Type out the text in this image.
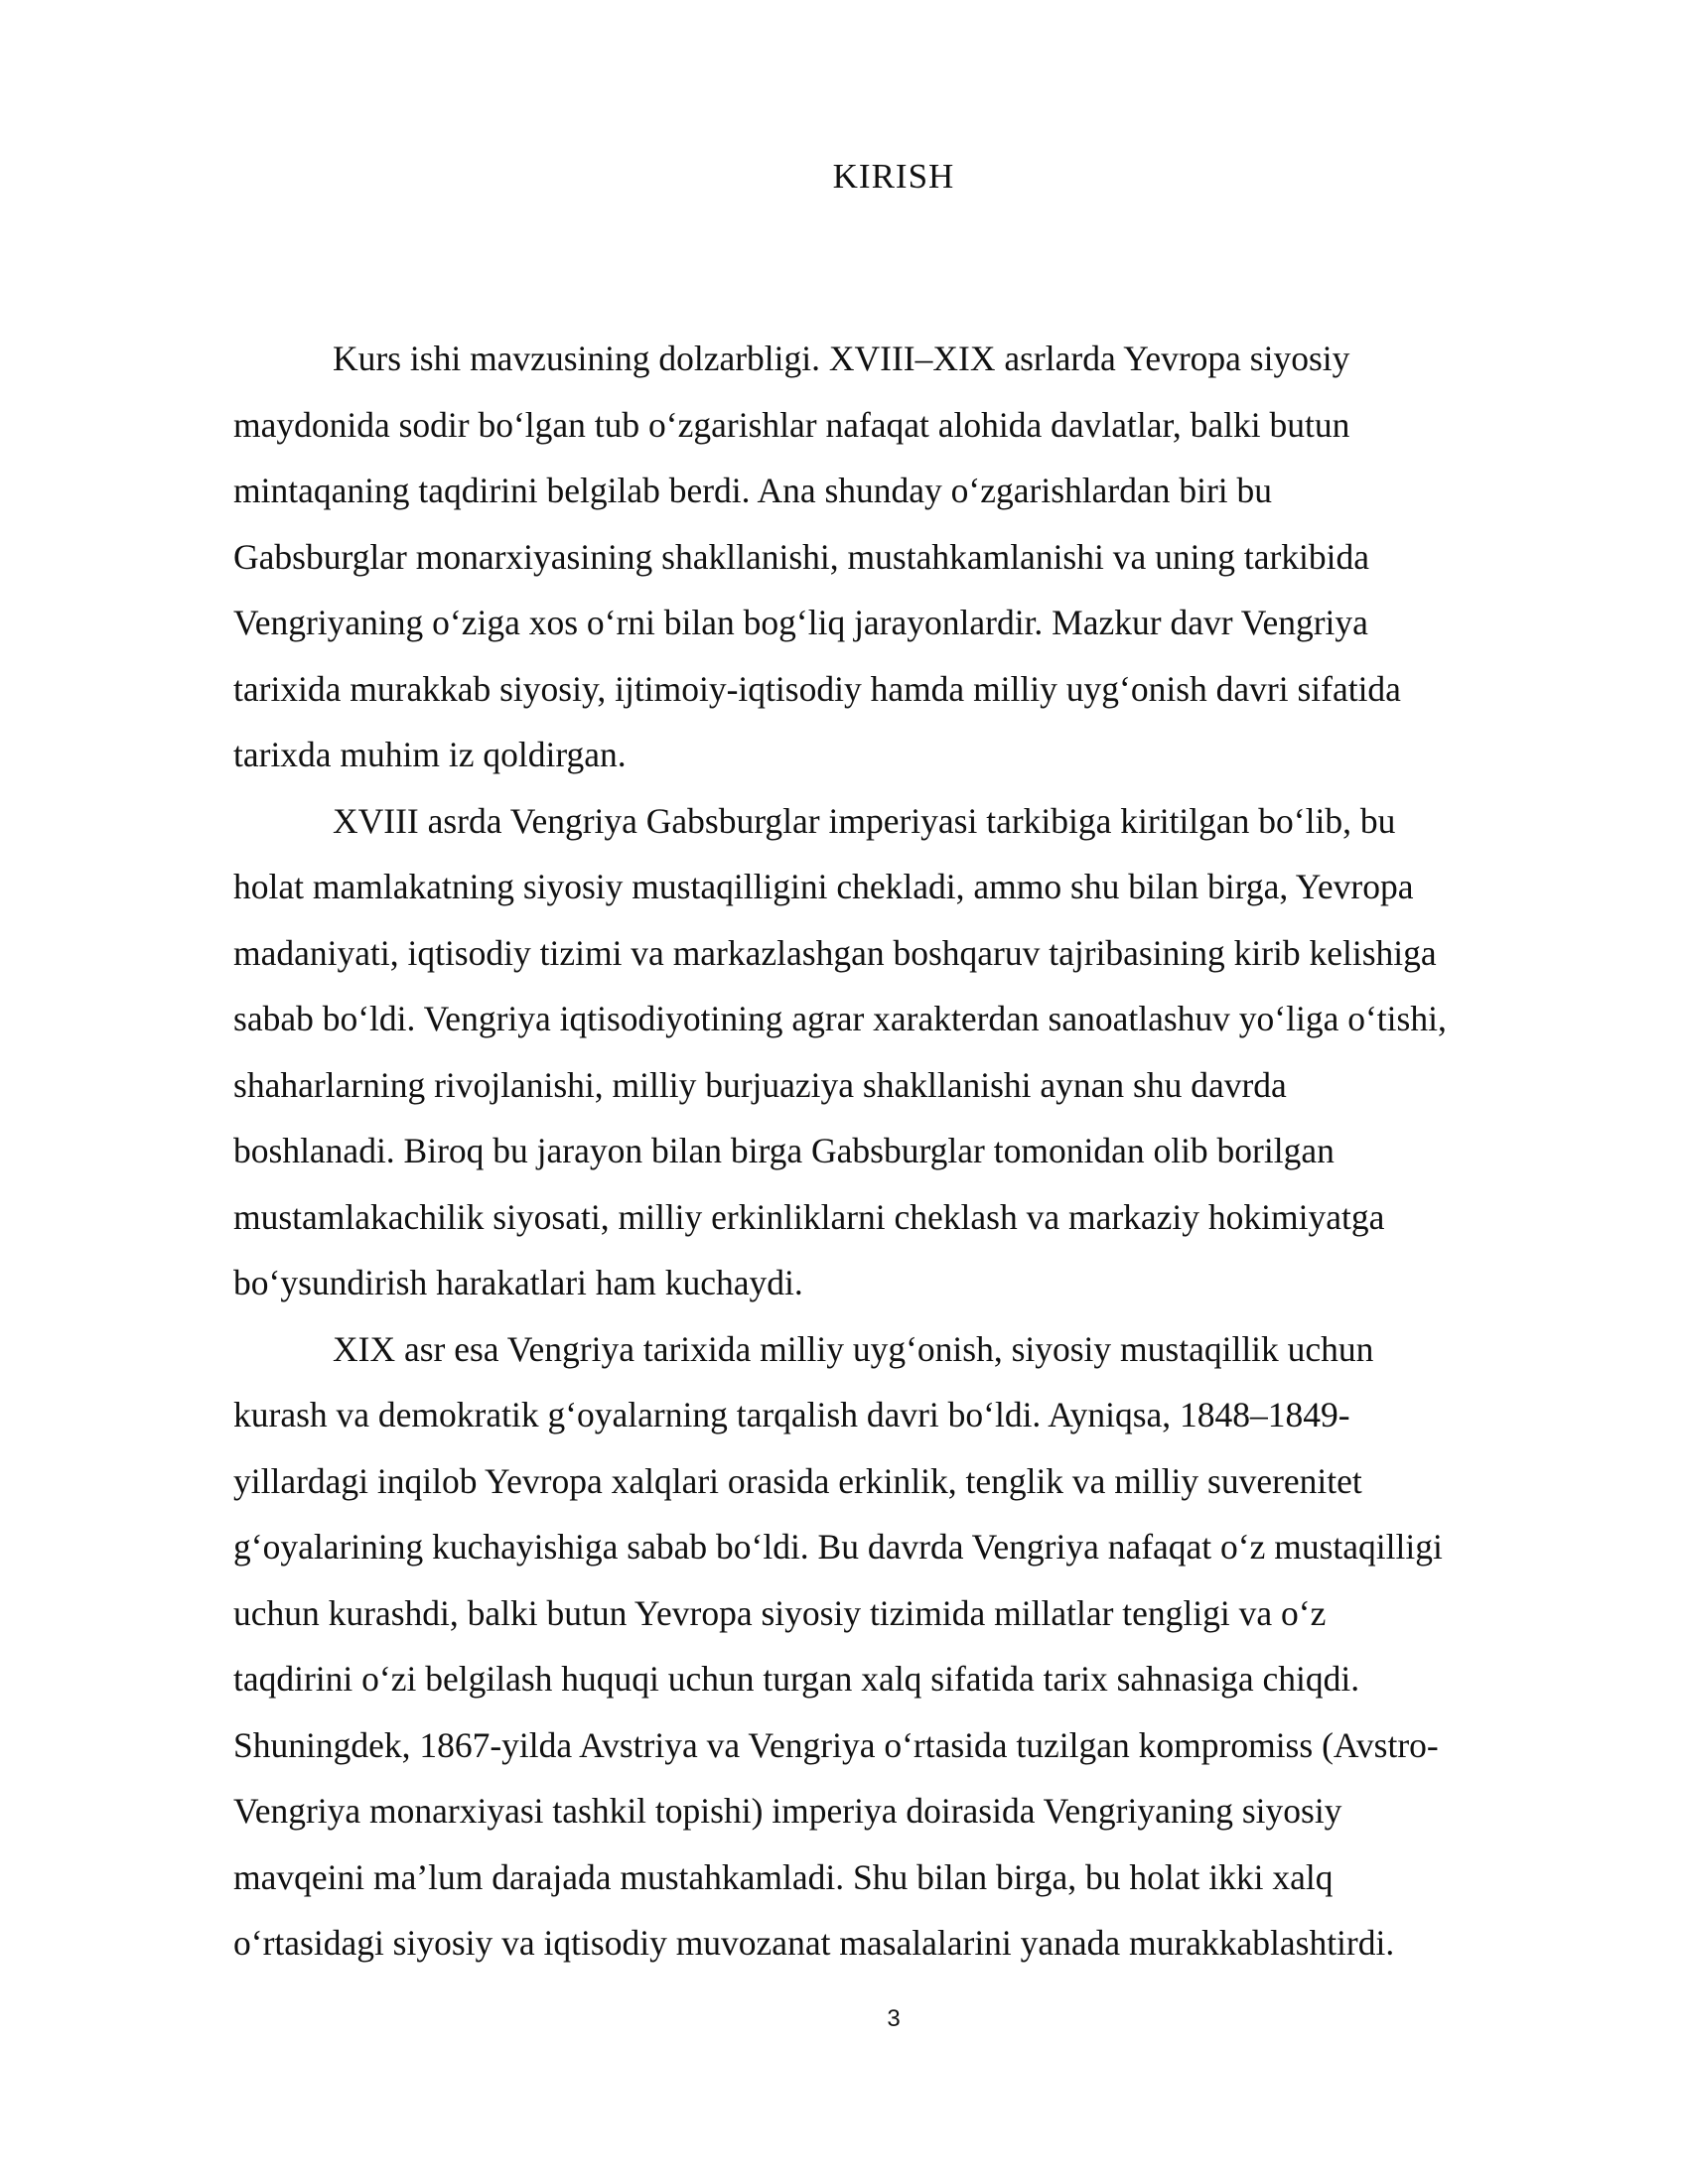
KIRISH
Kurs ishi mavzusining dolzarbligi. XVIII–XIX asrlarda Yevropa siyosiy
maydonida sodir bo‘lgan tub o‘zgarishlar nafaqat alohida davlatlar, balki butun
mintaqaning taqdirini belgilab berdi. Ana shunday o‘zgarishlardan biri bu
Gabsburglar monarxiyasining shakllanishi, mustahkamlanishi va uning tarkibida
Vengriyaning o‘ziga xos o‘rni bilan bog‘liq jarayonlardir. Mazkur davr Vengriya
tarixida murakkab siyosiy, ijtimoiy-iqtisodiy hamda milliy uyg‘onish davri sifatida
tarixda muhim iz qoldirgan.
XVIII asrda Vengriya Gabsburglar imperiyasi tarkibiga kiritilgan bo‘lib, bu
holat mamlakatning siyosiy mustaqilligini chekladi, ammo shu bilan birga, Yevropa
madaniyati, iqtisodiy tizimi va markazlashgan boshqaruv tajribasining kirib kelishiga
sabab bo‘ldi. Vengriya iqtisodiyotining agrar xarakterdan sanoatlashuv yo‘liga o‘tishi,
shaharlarning rivojlanishi, milliy burjuaziya shakllanishi aynan shu davrda
boshlanadi. Biroq bu jarayon bilan birga Gabsburglar tomonidan olib borilgan
mustamlakachilik siyosati, milliy erkinliklarni cheklash va markaziy hokimiyatga
bo‘ysundirish harakatlari ham kuchaydi.
XIX asr esa Vengriya tarixida milliy uyg‘onish, siyosiy mustaqillik uchun
kurash va demokratik g‘oyalarning tarqalish davri bo‘ldi. Ayniqsa, 1848–1849-
yillardagi inqilob Yevropa xalqlari orasida erkinlik, tenglik va milliy suverenitet
g‘oyalarining kuchayishiga sabab bo‘ldi. Bu davrda Vengriya nafaqat o‘z mustaqilligi
uchun kurashdi, balki butun Yevropa siyosiy tizimida millatlar tengligi va o‘z
taqdirini o‘zi belgilash huquqi uchun turgan xalq sifatida tarix sahnasiga chiqdi.
Shuningdek, 1867-yilda Avstriya va Vengriya o‘rtasida tuzilgan kompromiss (Avstro-
Vengriya monarxiyasi tashkil topishi) imperiya doirasida Vengriyaning siyosiy
mavqeini ma’lum darajada mustahkamladi. Shu bilan birga, bu holat ikki xalq
o‘rtasidagi siyosiy va iqtisodiy muvozanat masalalarini yanada murakkablashtirdi.
3
